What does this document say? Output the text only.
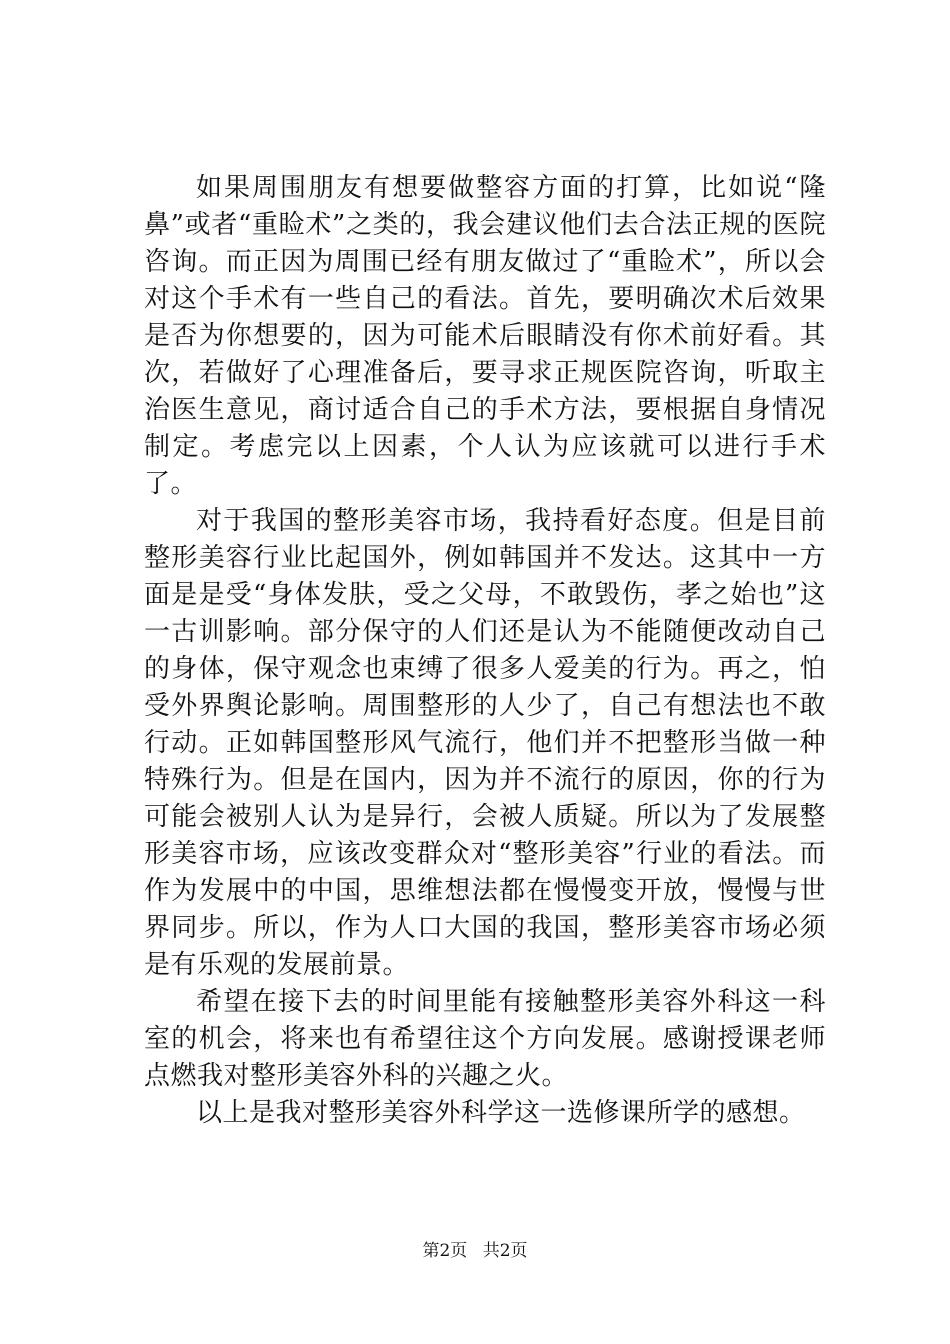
如果周围朋友有想要做整容方面的打算，比如说“隆鼻”或者“重睑术”之类的，我会建议他们去合法正规的医院咨询。而正因为周围已经有朋友做过了“重睑术”，所以会对这个手术有一些自己的看法。首先，要明确次术后效果是否为你想要的，因为可能术后眼睛没有你术前好看。其次，若做好了心理准备后，要寻求正规医院咨询，听取主治医生意见，商讨适合自己的手术方法，要根据自身情况制定。考虑完以上因素，个人认为应该就可以进行手术了。

对于我国的整形美容市场，我持看好态度。但是目前整形美容行业比起国外，例如韩国并不发达。这其中一方面是是受“身体发肤，受之父母，不敢毁伤，孝之始也”这一古训影响。部分保守的人们还是认为不能随便改动自己的身体，保守观念也束缚了很多人爱美的行为。再之，怕受外界舆论影响。周围整形的人少了，自己有想法也不敢行动。正如韩国整形风气流行，他们并不把整形当做一种特殊行为。但是在国内，因为并不流行的原因，你的行为可能会被别人认为是异行，会被人质疑。所以为了发展整形美容市场，应该改变群众对“整形美容”行业的看法。而作为发展中的中国，思维想法都在慢慢变开放，慢慢与世界同步。所以，作为人口大国的我国，整形美容市场必须是有乐观的发展前景。

希望在接下去的时间里能有接触整形美容外科这一科室的机会，将来也有希望往这个方向发展。感谢授课老师点燃我对整形美容外科的兴趣之火。

以上是我对整形美容外科学这一选修课所学的感想。

第2页 共2页
